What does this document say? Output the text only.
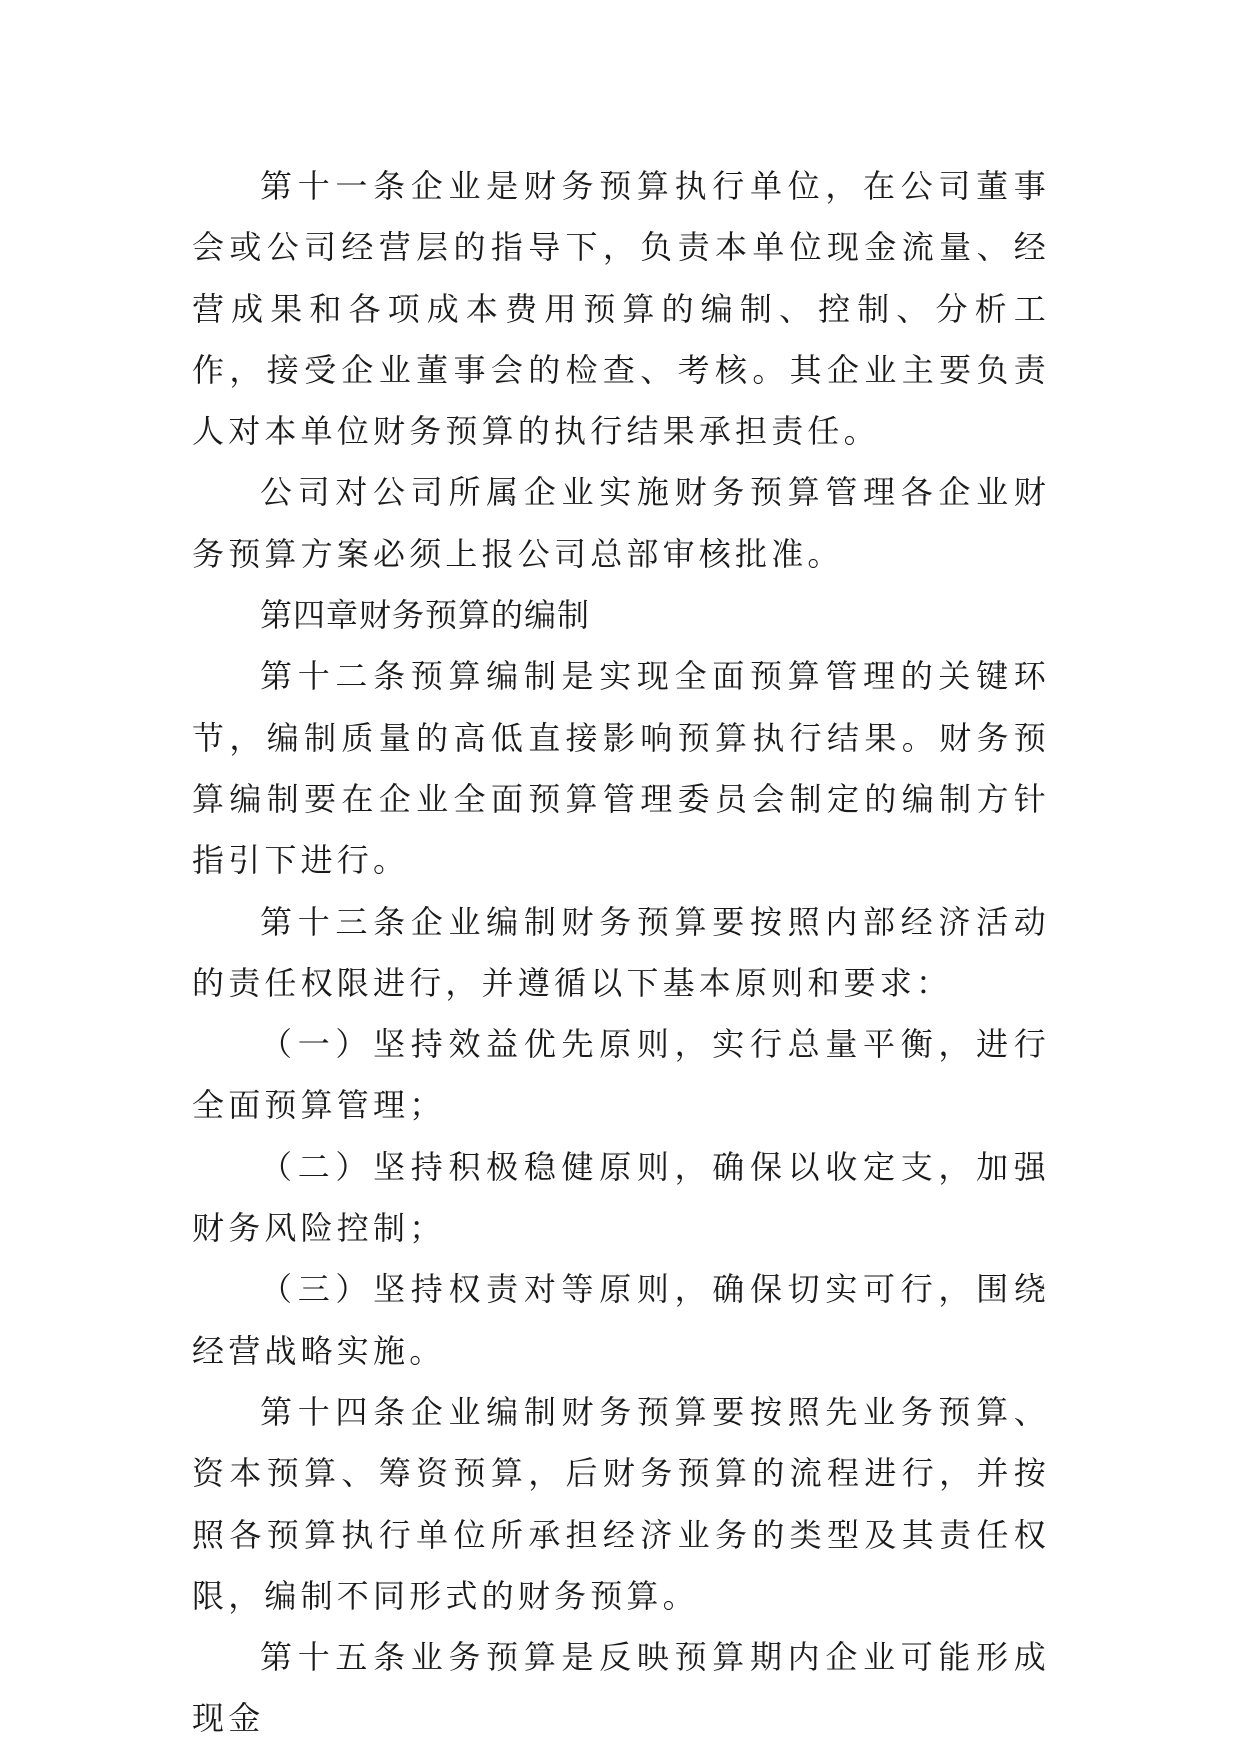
第十一条企业是财务预算执行单位，在公司董事会或公司经营层的指导下，负责本单位现金流量、经营成果和各项成本费用预算的编制、控制、分析工作，接受企业董事会的检查、考核。其企业主要负责人对本单位财务预算的执行结果承担责任。

公司对公司所属企业实施财务预算管理各企业财务预算方案必须上报公司总部审核批准。

第四章财务预算的编制

第十二条预算编制是实现全面预算管理的关键环节，编制质量的高低直接影响预算执行结果。财务预算编制要在企业全面预算管理委员会制定的编制方针指引下进行。

第十三条企业编制财务预算要按照内部经济活动的责任权限进行，并遵循以下基本原则和要求：

（一）坚持效益优先原则，实行总量平衡，进行全面预算管理；

（二）坚持积极稳健原则，确保以收定支，加强财务风险控制；

（三）坚持权责对等原则，确保切实可行，围绕经营战略实施。

第十四条企业编制财务预算要按照先业务预算、资本预算、筹资预算，后财务预算的流程进行，并按照各预算执行单位所承担经济业务的类型及其责任权限，编制不同形式的财务预算。

第十五条业务预算是反映预算期内企业可能形成现金
